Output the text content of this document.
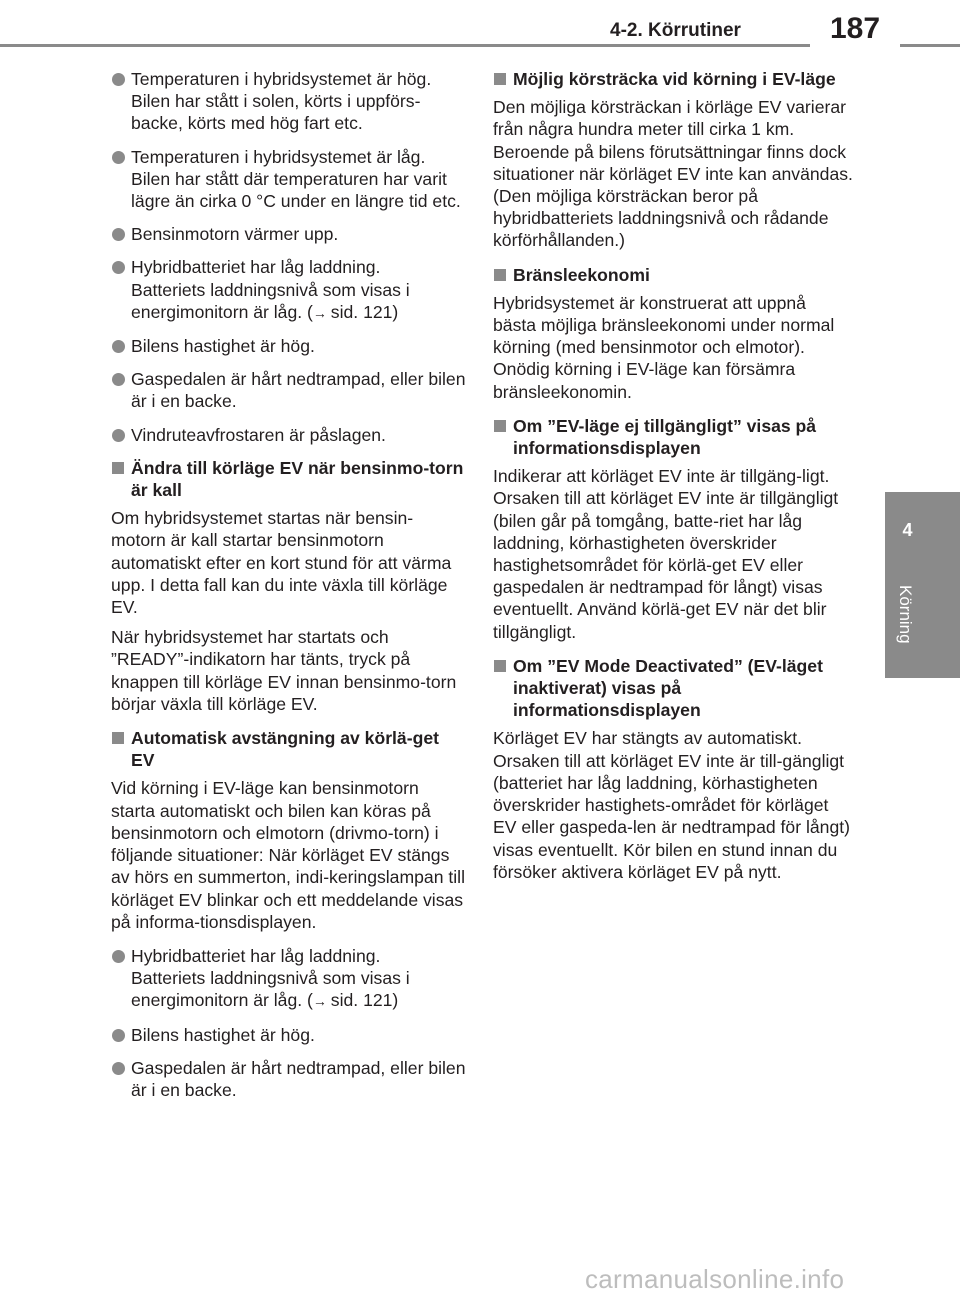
4-2. Körrutiner	187
4
Körning
Temperaturen i hybridsystemet är hög.
Bilen har stått i solen, körts i uppförs-backe, körts med hög fart etc.
Temperaturen i hybridsystemet är låg.
Bilen har stått där temperaturen har varit lägre än cirka 0 °C under en längre tid etc.
Bensinmotorn värmer upp.
Hybridbatteriet har låg laddning.
Batteriets laddningsnivå som visas i energimonitorn är låg. (→ sid. 121)
Bilens hastighet är hög.
Gaspedalen är hårt nedtrampad, eller bilen är i en backe.
Vindruteavfrostaren är påslagen.
Ändra till körläge EV när bensinmo-torn är kall
Om hybridsystemet startas när bensin-motorn är kall startar bensinmotorn automatiskt efter en kort stund för att värma upp. I detta fall kan du inte växla till körläge EV.
När hybridsystemet har startats och ”READY”-indikatorn har tänts, tryck på knappen till körläge EV innan bensinmo-torn börjar växla till körläge EV.
Automatisk avstängning av körlä-get EV
Vid körning i EV-läge kan bensinmotorn starta automatiskt och bilen kan köras på bensinmotorn och elmotorn (drivmo-torn) i följande situationer: När körläget EV stängs av hörs en summerton, indi-keringslampan till körläget EV blinkar och ett meddelande visas på informa-tionsdisplayen.
Hybridbatteriet har låg laddning.
Batteriets laddningsnivå som visas i energimonitorn är låg. (→ sid. 121)
Bilens hastighet är hög.
Gaspedalen är hårt nedtrampad, eller bilen är i en backe.
Möjlig körsträcka vid körning i EV-läge
Den möjliga körsträckan i körläge EV varierar från några hundra meter till cirka 1 km. Beroende på bilens förutsättningar finns dock situationer när körläget EV inte kan användas.
(Den möjliga körsträckan beror på hybridbatteriets laddningsnivå och rådande körförhållanden.)
Bränsleekonomi
Hybridsystemet är konstruerat att uppnå bästa möjliga bränsleekonomi under normal körning (med bensinmotor och elmotor). Onödig körning i EV-läge kan försämra bränsleekonomin.
Om ”EV-läge ej tillgängligt” visas på informationsdisplayen
Indikerar att körläget EV inte är tillgäng-ligt. Orsaken till att körläget EV inte är tillgängligt (bilen går på tomgång, batte-riet har låg laddning, körhastigheten överskrider hastighetsområdet för körlä-get EV eller gaspedalen är nedtrampad för långt) visas eventuellt. Använd körlä-get EV när det blir tillgängligt.
Om ”EV Mode Deactivated” (EV-läget inaktiverat) visas på informationsdisplayen
Körläget EV har stängts av automatiskt. Orsaken till att körläget EV inte är till-gängligt (batteriet har låg laddning, körhastigheten överskrider hastighets-området för körläget EV eller gaspeda-len är nedtrampad för långt) visas eventuellt. Kör bilen en stund innan du försöker aktivera körläget EV på nytt.
carmanualsonline.info
